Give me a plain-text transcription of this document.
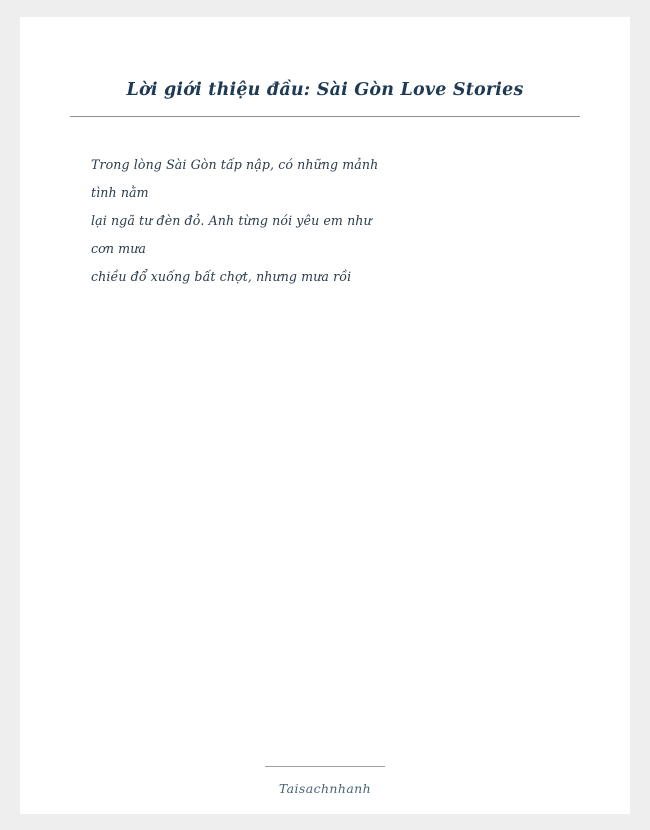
Lời giới thiệu đầu: Sài Gòn Love Stories
Trong lòng Sài Gòn tấp nập, có những mảnh
tình nằm
lại ngã tư đèn đỏ. Anh từng nói yêu em như
cơn mưa
chiều đổ xuống bất chợt, nhưng mưa rồi
Taisachnhanh
